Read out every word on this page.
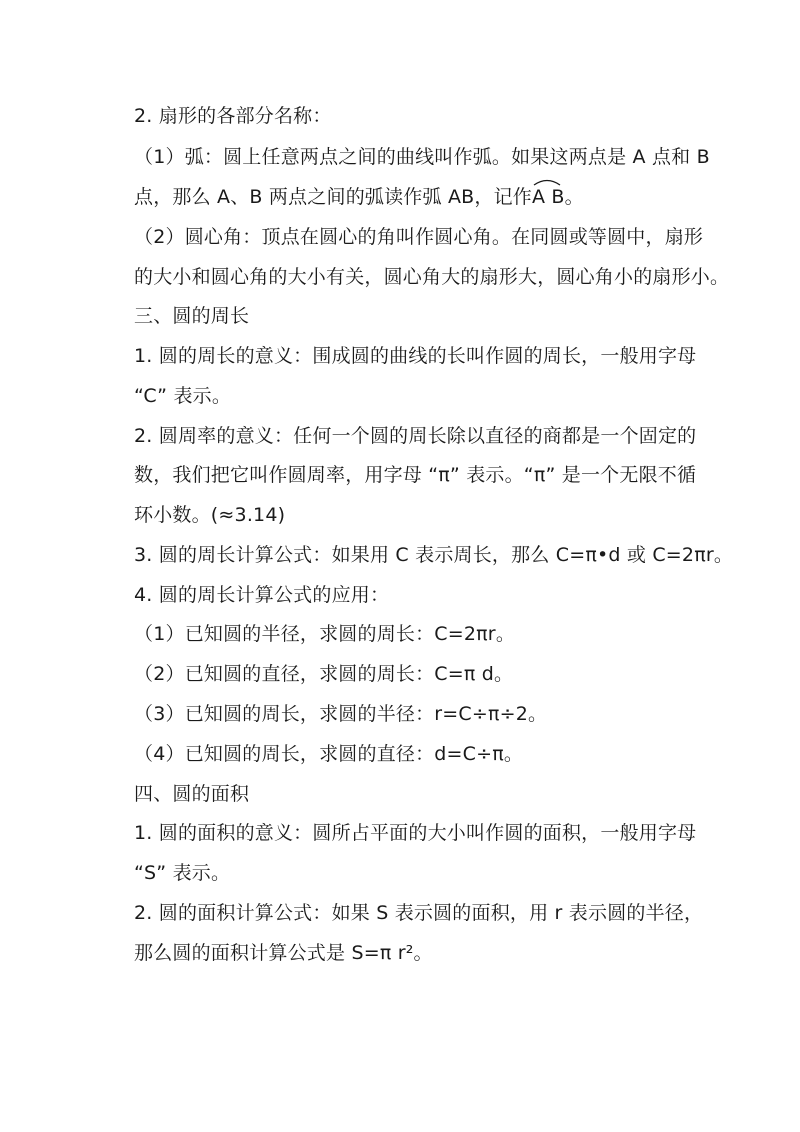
2. 扇形的各部分名称：
（1）弧：圆上任意两点之间的曲线叫作弧。如果这两点是 A 点和 B
点，那么 A、B 两点之间的弧读作弧 AB，记作
A B。
（2）圆心角：顶点在圆心的角叫作圆心角。在同圆或等圆中，扇形
的大小和圆心角的大小有关，圆心角大的扇形大，圆心角小的扇形小。
三、圆的周长
1. 圆的周长的意义：围成圆的曲线的长叫作圆的周长，一般用字母
“C” 表示。
2. 圆周率的意义：任何一个圆的周长除以直径的商都是一个固定的
数，我们把它叫作圆周率，用字母 “π” 表示。“π” 是一个无限不循
环小数。(≈3.14)
3. 圆的周长计算公式：如果用 C 表示周长，那么 C=π•d 或 C=2πr。
4. 圆的周长计算公式的应用：
（1）已知圆的半径，求圆的周长：C=2πr。
（2）已知圆的直径，求圆的周长：C=π d。
（3）已知圆的周长，求圆的半径：r=C÷π÷2。
（4）已知圆的周长，求圆的直径：d=C÷π。
四、圆的面积
1. 圆的面积的意义：圆所占平面的大小叫作圆的面积，一般用字母
“S” 表示。
2. 圆的面积计算公式：如果 S 表示圆的面积，用 r 表示圆的半径，
那么圆的面积计算公式是 S=π r²。
